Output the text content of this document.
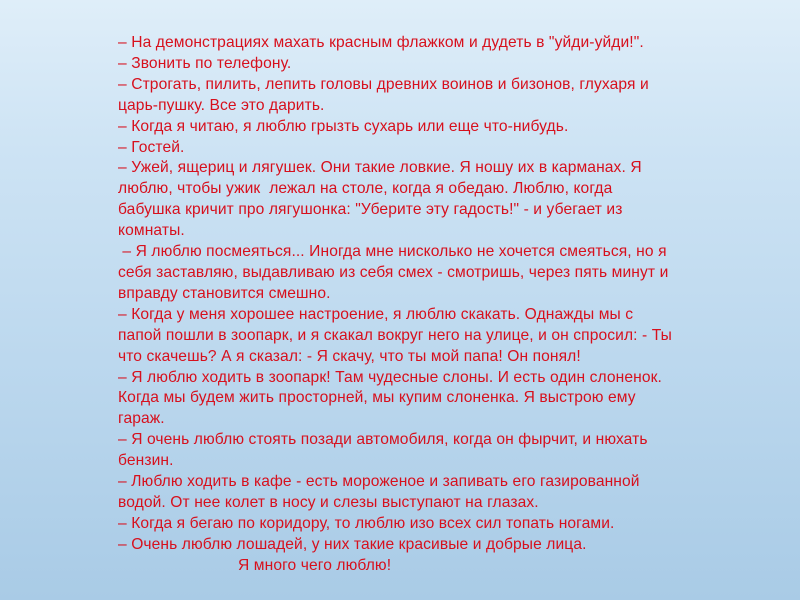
– На демонстрациях махать красным флажком и дудеть в "уйди-уйди!".
– Звонить по телефону.
– Строгать, пилить, лепить головы древних воинов и бизонов, глухаря и
царь-пушку. Все это дарить.
– Когда я читаю, я люблю грызть сухарь или еще что-нибудь.
– Гостей.
– Ужей, ящериц и лягушек. Они такие ловкие. Я ношу их в карманах. Я
люблю, чтобы ужик  лежал на столе, когда я обедаю. Люблю, когда
бабушка кричит про лягушонка: "Уберите эту гадость!" - и убегает из
комнаты.
– Я люблю посмеяться... Иногда мне нисколько не хочется смеяться, но я
себя заставляю, выдавливаю из себя смех - смотришь, через пять минут и
вправду становится смешно.
– Когда у меня хорошее настроение, я люблю скакать. Однажды мы с
папой пошли в зоопарк, и я скакал вокруг него на улице, и он спросил: - Ты
что скачешь? А я сказал: - Я скачу, что ты мой папа! Он понял!
– Я люблю ходить в зоопарк! Там чудесные слоны. И есть один слоненок.
Когда мы будем жить просторней, мы купим слоненка. Я выстрою ему
гараж.
– Я очень люблю стоять позади автомобиля, когда он фырчит, и нюхать
бензин.
– Люблю ходить в кафе - есть мороженое и запивать его газированной
водой. От нее колет в носу и слезы выступают на глазах.
– Когда я бегаю по коридору, то люблю изо всех сил топать ногами.
– Очень люблю лошадей, у них такие красивые и добрые лица.
Я много чего люблю!
